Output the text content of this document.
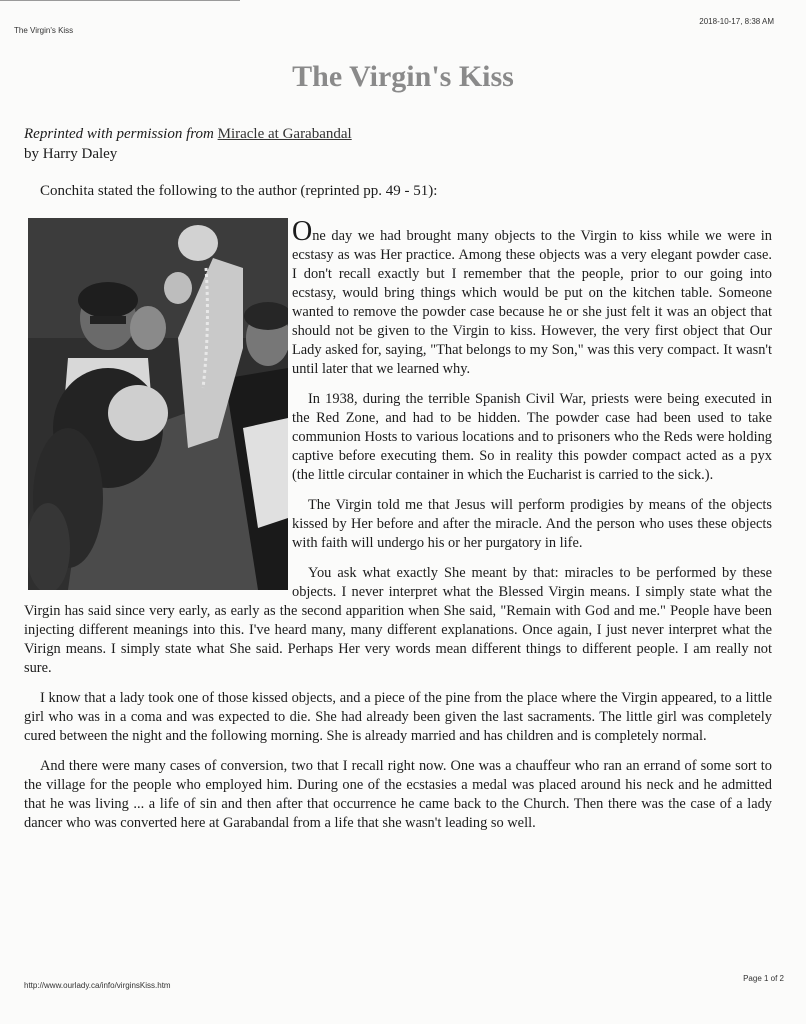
The Virgin's Kiss
2018-10-17, 8:38 AM
The Virgin's Kiss
Reprinted with permission from Miracle at Garabandal
by Harry Daley
Conchita stated the following to the author (reprinted pp. 49 - 51):

One day we had brought many objects to the Virgin to kiss while we were in ecstasy as was Her practice. Among these objects was a very elegant powder case. I don't recall exactly but I remember that the people, prior to our going into ecstasy, would bring things which would be put on the kitchen table. Someone wanted to remove the powder case because he or she just felt it was an object that should not be given to the Virgin to kiss. However, the very first object that Our Lady asked for, saying, "That belongs to my Son," was this very compact. It wasn't until later that we learned why.

In 1938, during the terrible Spanish Civil War, priests were being executed in the Red Zone, and had to be hidden. The powder case had been used to take communion Hosts to various locations and to prisoners who the Reds were holding captive before executing them. So in reality this powder compact acted as a pyx (the little circular container in which the Eucharist is carried to the sick.).

The Virgin told me that Jesus will perform prodigies by means of the objects kissed by Her before and after the miracle. And the person who uses these objects with faith will undergo his or her purgatory in life.

You ask what exactly She meant by that: miracles to be performed by these objects. I never interpret what the Blessed Virgin means. I simply state what the Virgin has said since very early, as early as the second apparition when She said, "Remain with God and me." People have been injecting different meanings into this. I've heard many, many different explanations. Once again, I just never interpret what the Virign means. I simply state what She said. Perhaps Her very words mean different things to different people. I am really not sure.

I know that a lady took one of those kissed objects, and a piece of the pine from the place where the Virgin appeared, to a little girl who was in a coma and was expected to die. She had already been given the last sacraments. The little girl was completely cured between the night and the following morning. She is already married and has children and is completely normal.

And there were many cases of conversion, two that I recall right now. One was a chauffeur who ran an errand of some sort to the village for the people who employed him. During one of the ecstasies a medal was placed around his neck and he admitted that he was living ... a life of sin and then after that occurrence he came back to the Church. Then there was the case of a lady dancer who was converted here at Garabandal from a life that she wasn't leading so well.

http://www.ourlady.ca/info/virginsKiss.htm
Page 1 of 2
